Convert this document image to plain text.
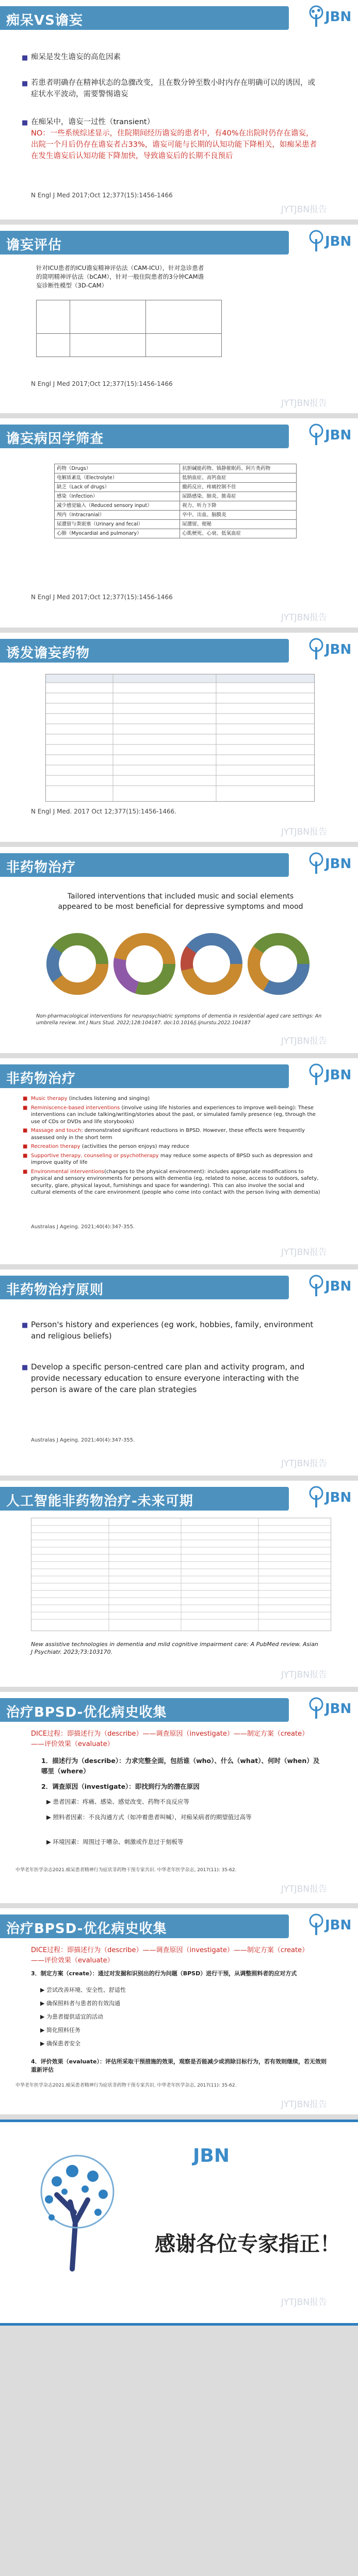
痴呆VS谵妄	JBN
■ 痴呆是发生谵妄的高危因素
■ 若患者明确存在精神状态的急骤改变，且在数分钟至数小时内存在明确可以的诱因，或症状水平波动，需要警惕谵妄
■ 在痴呆中，谵妄一过性（transient）
NO：一些系统综述显示，住院期间经历谵妄的患者中，有40%在出院时仍存在谵妄，出院一个月后仍存在谵妄者占33%，谵妄可能与长期的认知功能下降相关，如痴呆患者在发生谵妄后认知功能下降加快，导致谵妄后的长期不良预后
N Engl J Med 2017;Oct 12;377(15):1456-1466
JYTJBN报告
谵妄评估	JBN
针对ICU患者的ICU谵妄精神评估法（CAM-ICU），针对急诊患者的简明精神评估法（bCAM），针对一般住院患者的3分钟CAM谵妄诊断性模型（3D-CAM）

N Engl J Med 2017;Oct 12;377(15):1456-1466
JYTJBN报告
谵妄病因学筛查	JBN
药物（Drugs）	抗胆碱能药物、镇静催眠药、阿片类药物
电解质紊乱（Electrolyte）	低钠血症、高钙血症
缺乏（Lack of drugs）	撤药反应、疼痛控制不佳
感染（Infection）	尿路感染、肺炎、脓毒症
减少感觉输入（Reduced sensory input）	视力、听力下降
颅内（Intracranial）	卒中、出血、脑膜炎
尿潴留与粪嵌塞（Urinary and fecal）	尿潴留、便秘
心肺（Myocardial and pulmonary）	心肌梗死、心衰、低氧血症
N Engl J Med 2017;Oct 12;377(15):1456-1466
JYTJBN报告
诱发谵妄药物	JBN
N Engl J Med. 2017 Oct 12;377(15):1456-1466.
JYTJBN报告
非药物治疗	JBN
Tailored interventions that included music and social elements appeared to be most beneficial for depressive symptoms and mood
Non-pharmacological interventions for neuropsychiatric symptoms of dementia in residential aged care settings: An umbrella review. Int J Nurs Stud. 2022;128:104187. doi:10.1016/j.ijnurstu.2022.104187
JYTJBN报告
非药物治疗	JBN
■ Music therapy (includes listening and singing)
■ Reminiscence-based interventions (involve using life histories and experiences to improve well-being): These interventions can include talking/writing/stories about the past, or simulated family presence (eg, through the use of CDs or DVDs and life storybooks)
■ Massage and touch: demonstrated significant reductions in BPSD. However, these effects were frequently assessed only in the short term
■ Recreation therapy (activities the person enjoys) may reduce
■ Supportive therapy, counseling or psychotherapy may reduce some aspects of BPSD such as depression and improve quality of life
■ Environmental interventions(changes to the physical environment): includes appropriate modifications to physical and sensory environments for persons with dementia (eg, related to noise, access to outdoors, safety, security, glare, physical layout, furnishings and space for wandering). This can also involve the social and cultural elements of the care environment (people who come into contact with the person living with dementia)
Australas J Ageing. 2021;40(4):347-355.
JYTJBN报告
非药物治疗原则	JBN
■ Person's history and experiences (eg work, hobbies, family, environment and religious beliefs)
■ Develop a specific person-centred care plan and activity program, and provide necessary education to ensure everyone interacting with the person is aware of the care plan strategies
Australas J Ageing. 2021;40(4):347-355.
JYTJBN报告
人工智能非药物治疗-未来可期	JBN
New assistive technologies in dementia and mild cognitive impairment care: A PubMed review. Asian J Psychiatr. 2023;73:103170.
JYTJBN报告
治疗BPSD-优化病史收集	JBN
DICE过程：即描述行为（describe）——调查原因（investigate）——制定方案（create）——评价效果（evaluate）
1．描述行为（describe）：力求完整全面，包括谁（who）、什么（what）、何时（when）及哪里（where）
2．调查原因（investigate）：即找到行为的潜在原因
▶ 患者因素：疼痛、感染、感觉改变、药物不良反应等
▶ 照料者因素：不良沟通方式（如冲着患者叫喊），对痴呆病者的期望值过高等
▶ 环境因素：周围过于嘈杂、刺激或作息过于刻板等
中华老年医学杂志2021.痴呆患者精神行为症状非药物干预专家共识. 中华老年医学杂志, 2017(11): 35-62.
JYTJBN报告
治疗BPSD-优化病史收集	JBN
DICE过程：即描述行为（describe）——调查原因（investigate）——制定方案（create）——评价效果（evaluate）
3．制定方案（create）：通过对发掘和识别出的行为问题（BPSD）进行干预，从调整照料者的应对方式
▶ 尝试改善环境、安全性、舒适性
▶ 确保照料者与患者的有效沟通
▶ 为患者提供适宜的活动
▶ 简化照料任务
▶ 确保患者安全
4．评价效果（evaluate）：评估所采取干预措施的效果，观察是否能减少或消除目标行为，若有效则继续，若无效则重新评估
中华老年医学杂志2021.痴呆患者精神行为症状非药物干预专家共识. 中华老年医学杂志, 2017(11): 35-62.
JYTJBN报告
JBN
感谢各位专家指正！
JYTJBN报告
